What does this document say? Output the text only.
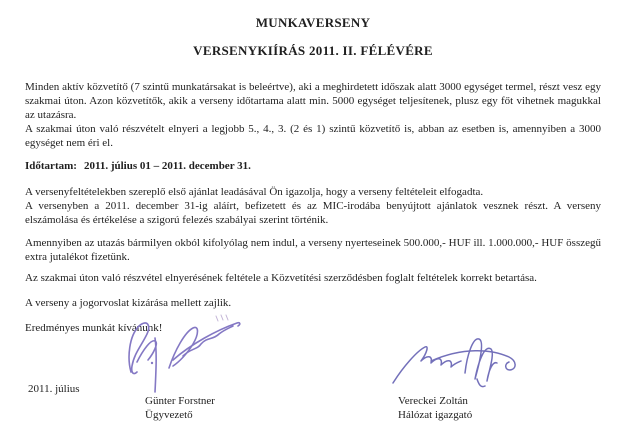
MUNKAVERSENY
VERSENYKIÍRÁS 2011. II. FÉLÉVÉRE

Minden aktív közvetítő (7 szintű munkatársakat is beleértve), aki a meghirdetett időszak alatt 3000 egységet termel, részt vesz egy szakmai úton. Azon közvetítők, akik a verseny időtartama alatt min. 5000 egységet teljesítenek, plusz egy főt vihetnek magukkal az utazásra.

A szakmai úton való részvételt elnyeri a legjobb 5., 4., 3. (2 és 1) szintű közvetítő is, abban az esetben is, amennyiben a 3000 egységet nem éri el.

Időtartam: 2011. július 01 – 2011. december 31.

A versenyfeltételekben szereplő első ajánlat leadásával Ön igazolja, hogy a verseny feltételeit elfogadta.

A versenyben a 2011. december 31-ig aláírt, befizetett és az MIC-irodába benyújtott ajánlatok vesznek részt. A verseny elszámolása és értékelése a szigorú felezés szabályai szerint történik.

Amennyiben az utazás bármilyen okból kifolyólag nem indul, a verseny nyerteseinek 500.000,- HUF ill. 1.000.000,- HUF összegű extra jutalékot fizetünk.

Az szakmai úton való részvétel elnyerésének feltétele a Közvetítési szerződésben foglalt feltételek korrekt betartása.

A verseny a jogorvoslat kizárása mellett zajlik.

Eredményes munkát kívánunk!

2011. július

Günter Forstner

Ügyvezető

Vereckei Zoltán

Hálózat igazgató
